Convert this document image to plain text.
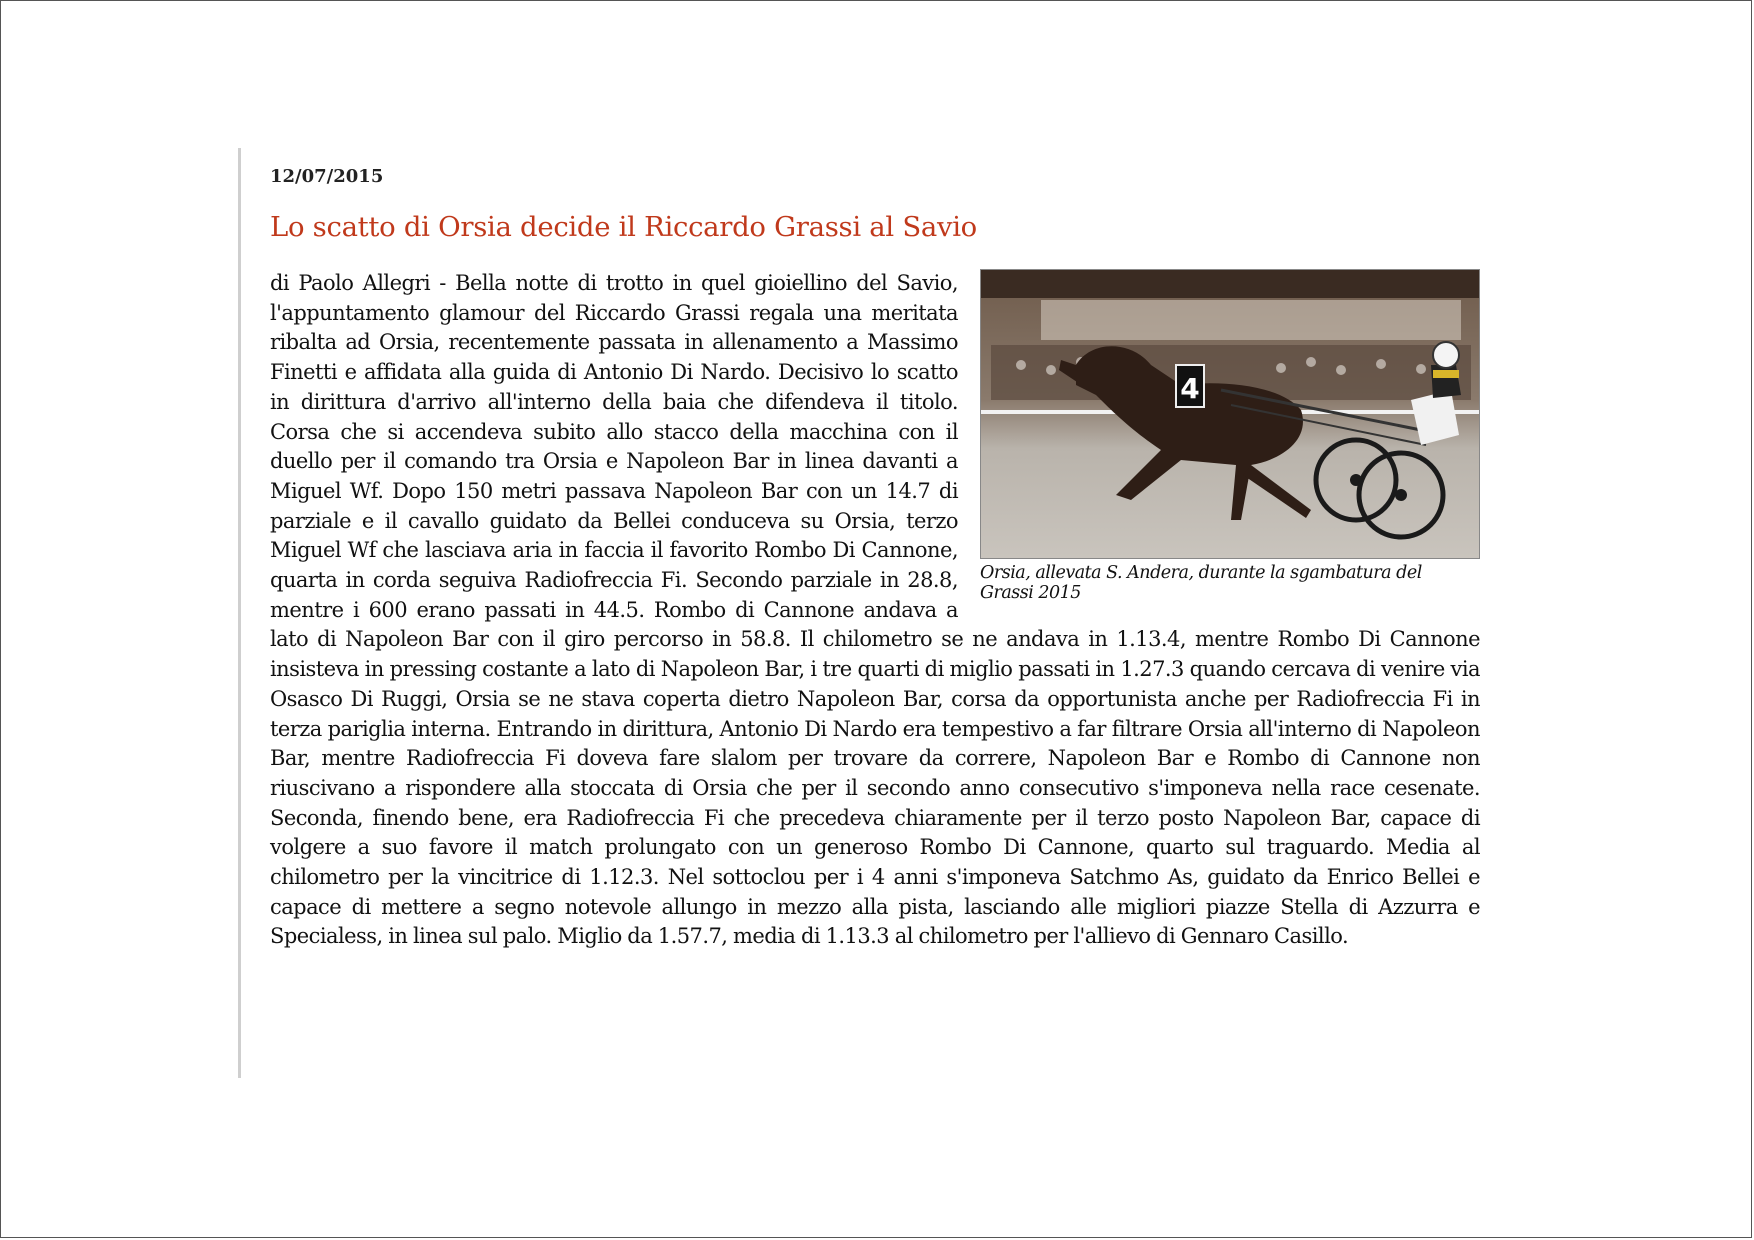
12/07/2015
Lo scatto di Orsia decide il Riccardo Grassi al Savio
4
Orsia, allevata S. Andera, durante la sgambatura del Grassi 2015

di Paolo Allegri - Bella notte di trotto in quel gioiellino del Savio, l'appuntamento glamour del Riccardo Grassi regala una meritata ribalta ad Orsia, recentemente passata in allenamento a Massimo Finetti e affidata alla guida di Antonio Di Nardo. Decisivo lo scatto in dirittura d'arrivo all'interno della baia che difendeva il titolo. Corsa che si accendeva subito allo stacco della macchina con il duello per il comando tra Orsia e Napoleon Bar in linea davanti a Miguel Wf. Dopo 150 metri passava Napoleon Bar con un 14.7 di parziale e il cavallo guidato da Bellei conduceva su Orsia, terzo Miguel Wf che lasciava aria in faccia il favorito Rombo Di Cannone, quarta in corda seguiva Radiofreccia Fi. Secondo parziale in 28.8, mentre i 600 erano passati in 44.5. Rombo di Cannone andava a lato di Napoleon Bar con il giro percorso in 58.8. Il chilometro se ne andava in 1.13.4, mentre Rombo Di Cannone insisteva in pressing costante a lato di Napoleon Bar, i tre quarti di miglio passati in 1.27.3 quando cercava di venire via Osasco Di Ruggi, Orsia se ne stava coperta dietro Napoleon Bar, corsa da opportunista anche per Radiofreccia Fi in terza pariglia interna. Entrando in dirittura, Antonio Di Nardo era tempestivo a far filtrare Orsia all'interno di Napoleon Bar, mentre Radiofreccia Fi doveva fare slalom per trovare da correre, Napoleon Bar e Rombo di Cannone non riuscivano a rispondere alla stoccata di Orsia che per il secondo anno consecutivo s'imponeva nella race cesenate. Seconda, finendo bene, era Radiofreccia Fi che precedeva chiaramente per il terzo posto Napoleon Bar, capace di volgere a suo favore il match prolungato con un generoso Rombo Di Cannone, quarto sul traguardo. Media al chilometro per la vincitrice di 1.12.3. Nel sottoclou per i 4 anni s'imponeva Satchmo As, guidato da Enrico Bellei e capace di mettere a segno notevole allungo in mezzo alla pista, lasciando alle migliori piazze Stella di Azzurra e Specialess, in linea sul palo. Miglio da 1.57.7, media di 1.13.3 al chilometro per l'allievo di Gennaro Casillo.
